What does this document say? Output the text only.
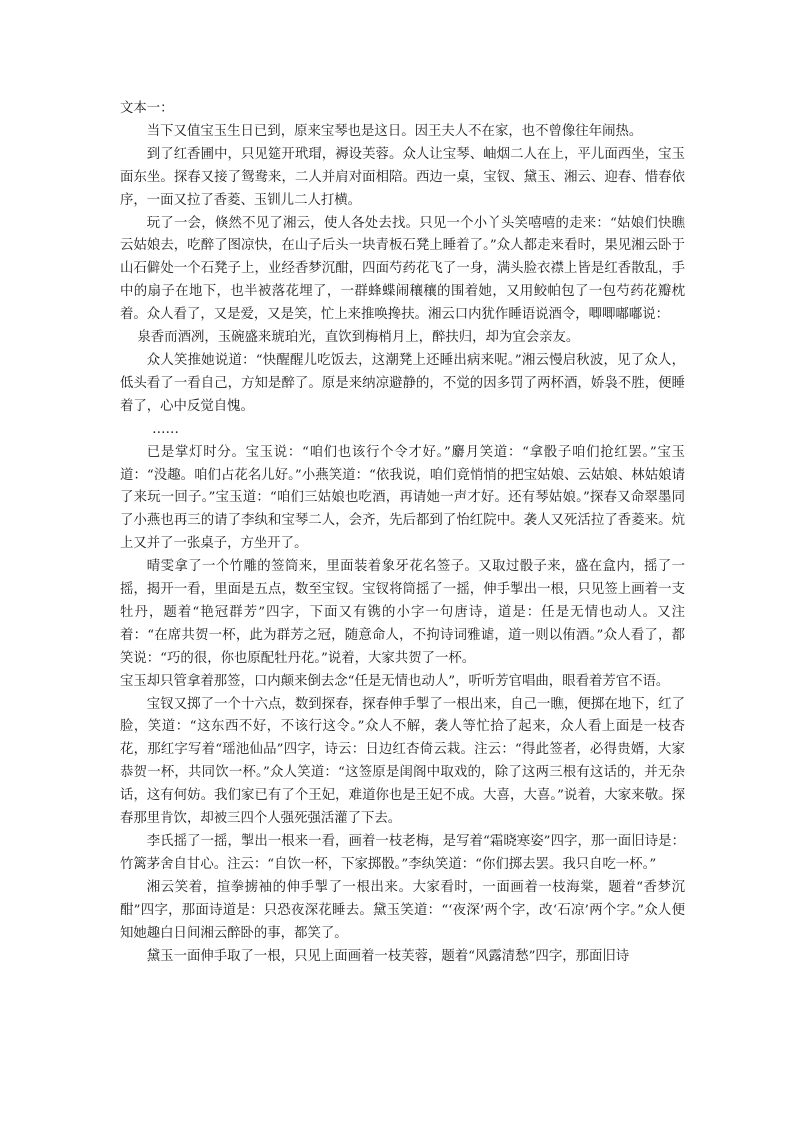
文本一：

当下又值宝玉生日已到，原来宝琴也是这日。因王夫人不在家，也不曾像往年闹热。

到了红香圃中，只见筵开玳瑁，褥设芙蓉。众人让宝琴、岫烟二人在上，平儿面西坐，宝玉面东坐。探春又接了鸳鸯来，二人并肩对面相陪。西边一桌，宝钗、黛玉、湘云、迎春、惜春依序，一面又拉了香菱、玉钏儿二人打横。

玩了一会，倏然不见了湘云，使人各处去找。只见一个小丫头笑嘻嘻的走来：“姑娘们快瞧云姑娘去，吃醉了图凉快，在山子后头一块青板石凳上睡着了。”众人都走来看时，果见湘云卧于山石僻处一个石凳子上，业经香梦沉酣，四面芍药花飞了一身，满头脸衣襟上皆是红香散乱，手中的扇子在地下，也半被落花埋了，一群蜂蝶闹穰穰的围着她，又用鲛帕包了一包芍药花瓣枕着。众人看了，又是爱，又是笑，忙上来推唤搀扶。湘云口内犹作睡语说酒令，唧唧嘟嘟说：

泉香而酒冽，玉碗盛来琥珀光，直饮到梅梢月上，醉扶归，却为宜会亲友。

众人笑推她说道：“快醒醒儿吃饭去，这潮凳上还睡出病来呢。”湘云慢启秋波，见了众人，低头看了一看自己，方知是醉了。原是来纳凉避静的，不觉的因多罚了两杯酒，娇袅不胜，便睡着了，心中反觉自愧。

……

已是掌灯时分。宝玉说：“咱们也该行个令才好。”麝月笑道：“拿骰子咱们抢红罢。”宝玉道：“没趣。咱们占花名儿好。”小燕笑道：“依我说，咱们竟悄悄的把宝姑娘、云姑娘、林姑娘请了来玩一回子。”宝玉道：“咱们三姑娘也吃酒，再请她一声才好。还有琴姑娘。”探春又命翠墨同了小燕也再三的请了李纨和宝琴二人，会齐，先后都到了怡红院中。袭人又死活拉了香菱来。炕上又并了一张桌子，方坐开了。

晴雯拿了一个竹雕的签筒来，里面装着象牙花名签子。又取过骰子来，盛在盒内，摇了一摇，揭开一看，里面是五点，数至宝钗。宝钗将筒摇了一摇，伸手掣出一根，只见签上画着一支牡丹，题着“艳冠群芳”四字，下面又有镌的小字一句唐诗，道是：任是无情也动人。又注着：“在席共贺一杯，此为群芳之冠，随意命人，不拘诗词雅谑，道一则以侑酒。”众人看了，都笑说：“巧的很，你也原配牡丹花。”说着，大家共贺了一杯。

宝玉却只管拿着那签，口内颠来倒去念“任是无情也动人”，听听芳官唱曲，眼看着芳官不语。

宝钗又掷了一个十六点，数到探春，探春伸手掣了一根出来，自己一瞧，便掷在地下，红了脸，笑道：“这东西不好，不该行这令。”众人不解，袭人等忙拾了起来，众人看上面是一枝杏花，那红字写着“瑶池仙品”四字，诗云：日边红杏倚云栽。注云：“得此签者，必得贵婿，大家恭贺一杯，共同饮一杯。”众人笑道：“这签原是闺阁中取戏的，除了这两三根有这话的，并无杂话，这有何妨。我们家已有了个王妃，难道你也是王妃不成。大喜，大喜。”说着，大家来敬。探春那里肯饮，却被三四个人强死强活灌了下去。

李氏摇了一摇，掣出一根来一看，画着一枝老梅，是写着“霜晓寒姿”四字，那一面旧诗是：竹篱茅舍自甘心。注云：“自饮一杯，下家掷骰。”李纨笑道：“你们掷去罢。我只自吃一杯。”

湘云笑着，揎拳掳袖的伸手掣了一根出来。大家看时，一面画着一枝海棠，题着“香梦沉酣”四字，那面诗道是：只恐夜深花睡去。黛玉笑道：“‘夜深’两个字，改‘石凉’两个字。”众人便知她趣白日间湘云醉卧的事，都笑了。

黛玉一面伸手取了一根，只见上面画着一枝芙蓉，题着“风露清愁”四字，那面旧诗
